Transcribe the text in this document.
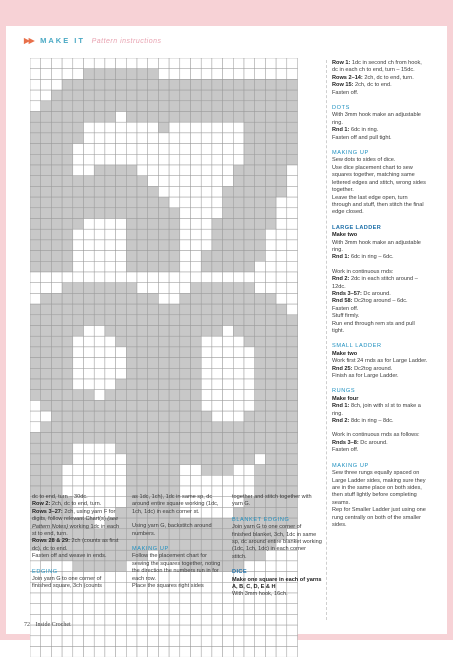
▶▶ MAKE IT Pattern instructions

Row 1: 1dc in second ch from hook, dc in each ch to end, turn – 15dc.

Rows 2–14: 2ch, dc to end, turn.

Row 15: 2ch, dc to end.

Fasten off.

DOTS

With 3mm hook make an adjustable ring.

Rnd 1: 6dc in ring.

Fasten off and pull tight.

MAKING UP

Sew dots to sides of dice.

Use dice placement chart to sew squares together, matching same lettered edges and stitch, wrong sides together.

Leave the last edge open, turn through and stuff, then stitch the final edge closed.

LARGE LADDER

Make two

With 3mm hook make an adjustable ring.

Rnd 1: 6dc in ring – 6dc.

Work in continuous rnds:

Rnd 2: 2dc in each stitch around – 12dc.

Rnds 3–57: Dc around.

Rnd 58: Dc2tog around – 6dc.

Fasten off.

Stuff firmly.

Run end through rem sts and pull tight.

SMALL LADDER

Make two

Work first 24 rnds as for Large Ladder.

Rnd 25: Dc2tog around.

Finish as for Large Ladder.

RUNGS

Make four

Rnd 1: 8ch, join with sl st to make a ring.

Rnd 2: 8dc in ring – 8dc.

Work in continuous rnds as follows:

Rnds 3–8: Dc around.

Fasten off.

MAKING UP

Sew three rungs equally spaced on Large Ladder sides, making sure they are in the same place on both sides, then stuff lightly before completing seams.

Rep for Smaller Ladder just using one rung centrally on both of the smaller sides.

dc to end, turn – 30dc.

Row 2: 2ch, dc to end, turn.

Rows 3–27: 2ch, using yarn F for digits, follow relevant Chart(s) (see Pattern Notes) working 1dc in each st to end, turn.

Rows 28 & 29: 2ch (counts as first dc), dc to end.

Fasten off and weave in ends.

EDGING

Join yarn G to one corner of finished square, 3ch (counts

as 1dc, 1ch), 1dc in same sp, dc around entire square working (1dc, 1ch, 1dc) in each corner st.

Using yarn G, backstitch around numbers.

MAKING UP

Follow the placement chart for sewing the squares together, noting the direction the numbers run in for each row.

Place the squares right sides

together and stitch together with yarn G.

BLANKET EDGING

Join yarn G to one corner of finished blanket, 3ch, 1dc in same sp, dc around entire blanket working (1dc, 1ch, 1dc) in each corner stitch.

DICE

Make one square in each of yarns A, B, C, D, E & H

With 3mm hook, 16ch.

72 Inside Crochet
